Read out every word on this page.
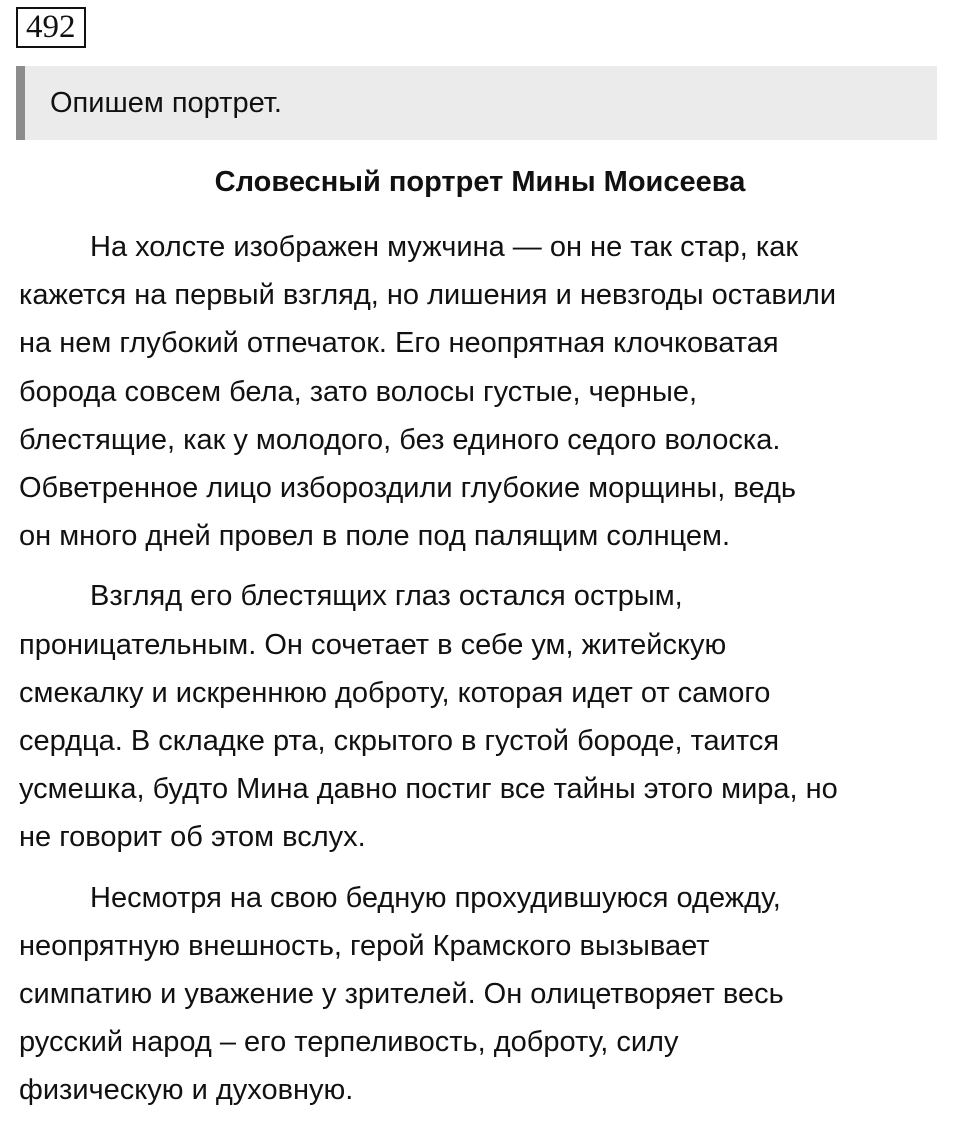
492
Опишем портрет.
Словесный портрет Мины Моисеева
На холсте изображен мужчина — он не так стар, как
кажется на первый взгляд, но лишения и невзгоды оставили
на нем глубокий отпечаток. Его неопрятная клочковатая
борода совсем бела, зато волосы густые, черные,
блестящие, как у молодого, без единого седого волоска.
Обветренное лицо избороздили глубокие морщины, ведь
он много дней провел в поле под палящим солнцем.
Взгляд его блестящих глаз остался острым,
проницательным. Он сочетает в себе ум, житейскую
смекалку и искреннюю доброту, которая идет от самого
сердца. В складке рта, скрытого в густой бороде, таится
усмешка, будто Мина давно постиг все тайны этого мира, но
не говорит об этом вслух.
Несмотря на свою бедную прохудившуюся одежду,
неопрятную внешность, герой Крамского вызывает
симпатию и уважение у зрителей. Он олицетворяет весь
русский народ – его терпеливость, доброту, силу
физическую и духовную.
